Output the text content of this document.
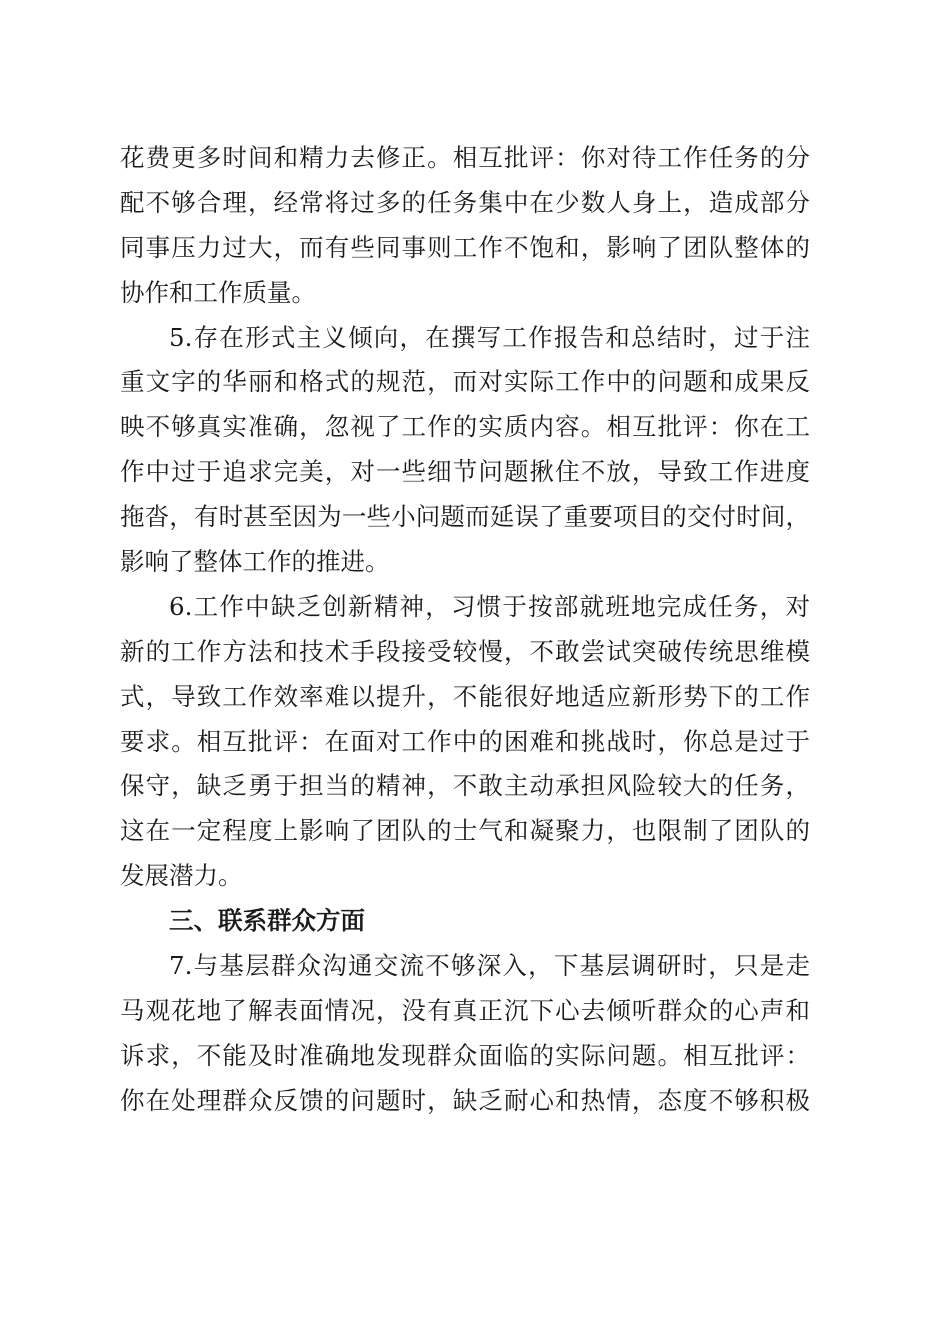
花费更多时间和精力去修正。相互批评：你对待工作任务的分
配不够合理，经常将过多的任务集中在少数人身上，造成部分
同事压力过大，而有些同事则工作不饱和，影响了团队整体的
协作和工作质量。
5.存在形式主义倾向，在撰写工作报告和总结时，过于注
重文字的华丽和格式的规范，而对实际工作中的问题和成果反
映不够真实准确，忽视了工作的实质内容。相互批评：你在工
作中过于追求完美，对一些细节问题揪住不放，导致工作进度
拖沓，有时甚至因为一些小问题而延误了重要项目的交付时间，
影响了整体工作的推进。
6.工作中缺乏创新精神，习惯于按部就班地完成任务，对
新的工作方法和技术手段接受较慢，不敢尝试突破传统思维模
式，导致工作效率难以提升，不能很好地适应新形势下的工作
要求。相互批评：在面对工作中的困难和挑战时，你总是过于
保守，缺乏勇于担当的精神，不敢主动承担风险较大的任务，
这在一定程度上影响了团队的士气和凝聚力，也限制了团队的
发展潜力。
三、联系群众方面
7.与基层群众沟通交流不够深入，下基层调研时，只是走
马观花地了解表面情况，没有真正沉下心去倾听群众的心声和
诉求，不能及时准确地发现群众面临的实际问题。相互批评：
你在处理群众反馈的问题时，缺乏耐心和热情，态度不够积极
